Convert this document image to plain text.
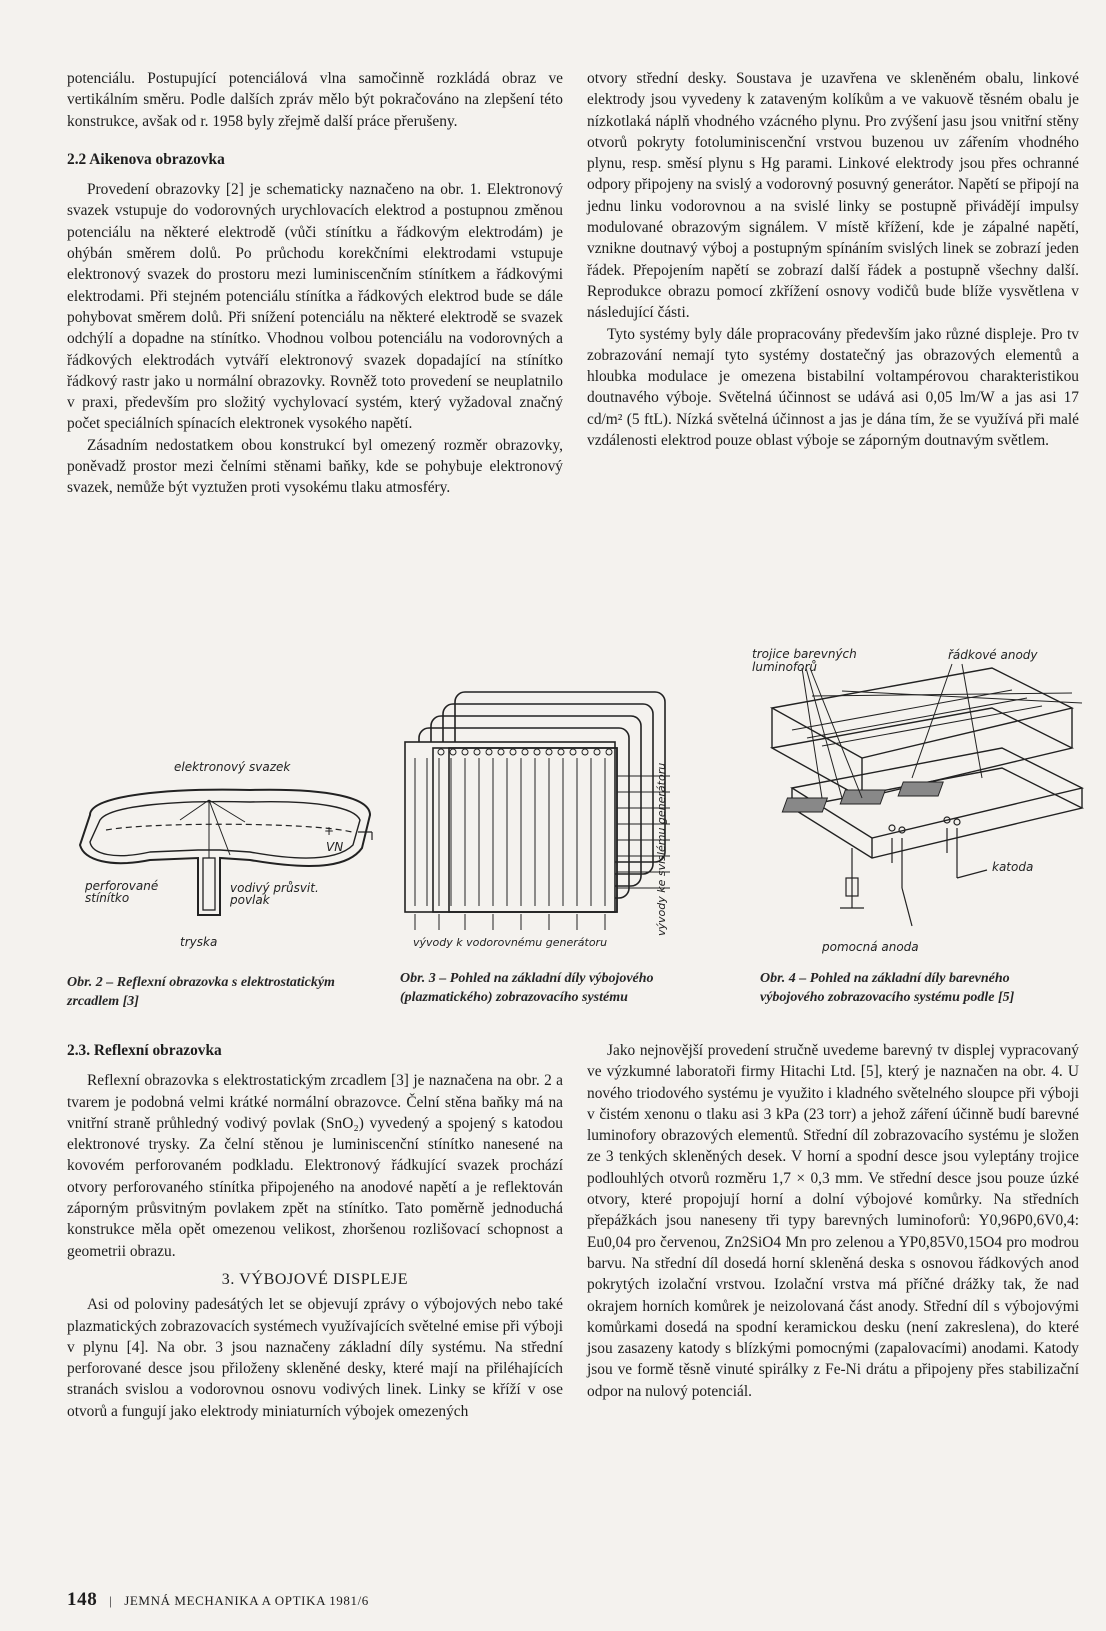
potenciálu. Postupující potenciálová vlna samočinně rozkládá obraz ve vertikálním směru. Podle dalších zpráv mělo být pokračováno na zlepšení této konstrukce, avšak od r. 1958 byly zřejmě další práce přerušeny.

2.2 Aikenova obrazovka

Provedení obrazovky [2] je schematicky naznačeno na obr. 1. Elektronový svazek vstupuje do vodorovných urychlovacích elektrod a postupnou změnou potenciálu na některé elektrodě (vůči stínítku a řádkovým elektrodám) je ohýbán směrem dolů. Po průchodu korekčními elektrodami vstupuje elektronový svazek do prostoru mezi luminiscenčním stínítkem a řádkovými elektrodami. Při stejném potenciálu stínítka a řádkových elektrod bude se dále pohybovat směrem dolů. Při snížení potenciálu na některé elektrodě se svazek odchýlí a dopadne na stínítko. Vhodnou volbou potenciálu na vodorovných a řádkových elektrodách vytváří elektronový svazek dopadající na stínítko řádkový rastr jako u normální obrazovky. Rovněž toto provedení se neuplatnilo v praxi, především pro složitý vychylovací systém, který vyžadoval značný počet speciálních spínacích elektronek vysokého napětí.

Zásadním nedostatkem obou konstrukcí byl omezený rozměr obrazovky, poněvadž prostor mezi čelními stěnami baňky, kde se pohybuje elektronový svazek, nemůže být vyztužen proti vysokému tlaku atmosféry.

otvory střední desky. Soustava je uzavřena ve skleněném obalu, linkové elektrody jsou vyvedeny k zataveným kolíkům a ve vakuově těsném obalu je nízkotlaká náplň vhodného vzácného plynu. Pro zvýšení jasu jsou vnitřní stěny otvorů pokryty fotoluminiscenční vrstvou buzenou uv zářením vhodného plynu, resp. směsí plynu s Hg parami. Linkové elektrody jsou přes ochranné odpory připojeny na svislý a vodorovný posuvný generátor. Napětí se připojí na jednu linku vodorovnou a na svislé linky se postupně přivádějí impulsy modulované obrazovým signálem. V místě křížení, kde je zápalné napětí, vznikne doutnavý výboj a postupným spínáním svislých linek se zobrazí jeden řádek. Přepojením napětí se zobrazí další řádek a postupně všechny další. Reprodukce obrazu pomocí zkřížení osnovy vodičů bude blíže vysvětlena v následující části.

Tyto systémy byly dále propracovány především jako různé displeje. Pro tv zobrazování nemají tyto systémy dostatečný jas obrazových elementů a hloubka modulace je omezena bistabilní voltampérovou charakteristikou doutnavého výboje. Světelná účinnost se udává asi 0,05 lm/W a jas asi 17 cd/m² (5 ftL). Nízká světelná účinnost a jas je dána tím, že se využívá při malé vzdálenosti elektrod pouze oblast výboje se záporným doutnavým světlem.

elektronový svazek
perforované stínítko
tryska
vodivý průsvit. povlak
+
VN
Obr. 2 – Reflexní obrazovka s elektrostatickým zrcadlem [3]
vývody ke svislému generátoru
vývody k vodorovnému generátoru
Obr. 3 – Pohled na základní díly výbojového (plazmatického) zobrazovacího systému
trojice barevných luminoforů
řádkové anody
katoda
pomocná anoda
Obr. 4 – Pohled na základní díly barevného výbojového zobrazovacího systému podle [5]
2.3. Reflexní obrazovka

Reflexní obrazovka s elektrostatickým zrcadlem [3] je naznačena na obr. 2 a tvarem je podobná velmi krátké normální obrazovce. Čelní stěna baňky má na vnitřní straně průhledný vodivý povlak (SnO₂) vyvedený a spojený s katodou elektronové trysky. Za čelní stěnou je luminiscenční stínítko nanesené na kovovém perforovaném podkladu. Elektronový řádkující svazek prochází otvory perforovaného stínítka připojeného na anodové napětí a je reflektován záporným průsvitným povlakem zpět na stínítko. Tato poměrně jednoduchá konstrukce měla opět omezenou velikost, zhoršenou rozlišovací schopnost a geometrii obrazu.

3. VÝBOJOVÉ DISPLEJE

Asi od poloviny padesátých let se objevují zprávy o výbojových nebo také plazmatických zobrazovacích systémech využívajících světelné emise při výboji v plynu [4]. Na obr. 3 jsou naznačeny základní díly systému. Na střední perforované desce jsou přiloženy skleněné desky, které mají na přiléhajících stranách svislou a vodorovnou osnovu vodivých linek. Linky se kříží v ose otvorů a fungují jako elektrody miniaturních výbojek omezených

Jako nejnovější provedení stručně uvedeme barevný tv displej vypracovaný ve výzkumné laboratoři firmy Hitachi Ltd. [5], který je naznačen na obr. 4. U nového triodového systému je využito i kladného světelného sloupce při výboji v čistém xenonu o tlaku asi 3 kPa (23 torr) a jehož záření účinně budí barevné luminofory obrazových elementů. Střední díl zobrazovacího systému je složen ze 3 tenkých skleněných desek. V horní a spodní desce jsou vyleptány trojice podlouhlých otvorů rozměru 1,7 × 0,3 mm. Ve střední desce jsou pouze úzké otvory, které propojují horní a dolní výbojové komůrky. Na středních přepážkách jsou naneseny tři typy barevných luminoforů: Y0,96P0,6V0,4: Eu0,04 pro červenou, Zn2SiO4 Mn pro zelenou a YP0,85V0,15O4 pro modrou barvu. Na střední díl dosedá horní skleněná deska s osnovou řádkových anod pokrytých izolační vrstvou. Izolační vrstva má příčné drážky tak, že nad okrajem horních komůrek je neizolovaná část anody. Střední díl s výbojovými komůrkami dosedá na spodní keramickou desku (není zakreslena), do které jsou zasazeny katody s blízkými pomocnými (zapalovacími) anodami. Katody jsou ve formě těsně vinuté spirálky z Fe-Ni drátu a připojeny přes stabilizační odpor na nulový potenciál.

148 | JEMNÁ MECHANIKA A OPTIKA 1981/6
